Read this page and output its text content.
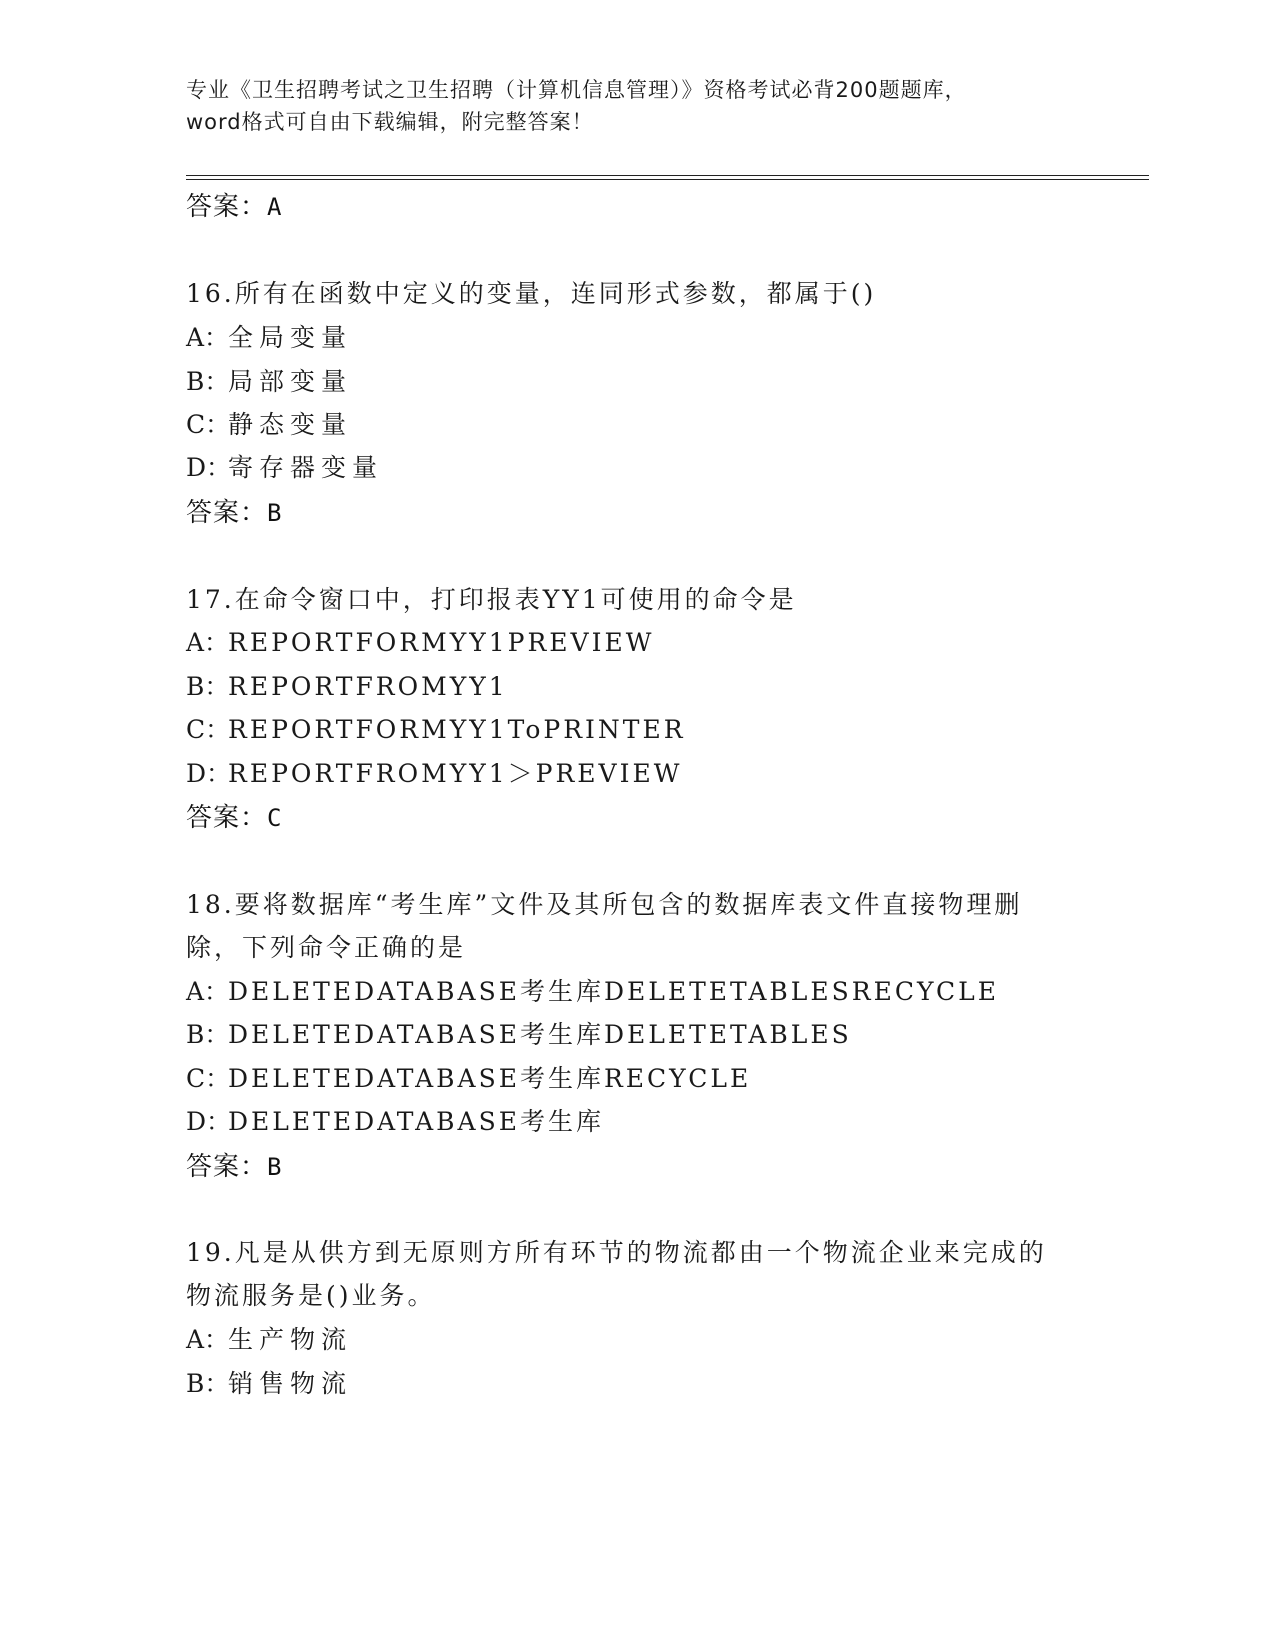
专业《卫生招聘考试之卫生招聘（计算机信息管理）》资格考试必背200题题库，
word格式可自由下载编辑，附完整答案！
答案：A
16.所有在函数中定义的变量，连同形式参数，都属于()
A：全局变量
B：局部变量
C：静态变量
D：寄存器变量
答案：B
17.在命令窗口中，打印报表YY1可使用的命令是
A：REPORTFORMYY1PREVIEW
B：REPORTFROMYY1
C：REPORTFORMYY1ToPRINTER
D：REPORTFROMYY1＞PREVIEW
答案：C
18.要将数据库“考生库”文件及其所包含的数据库表文件直接物理删
除，下列命令正确的是
A：DELETEDATABASE考生库DELETETABLESRECYCLE
B：DELETEDATABASE考生库DELETETABLES
C：DELETEDATABASE考生库RECYCLE
D：DELETEDATABASE考生库
答案：B
19.凡是从供方到无原则方所有环节的物流都由一个物流企业来完成的
物流服务是()业务。
A：生产物流
B：销售物流
